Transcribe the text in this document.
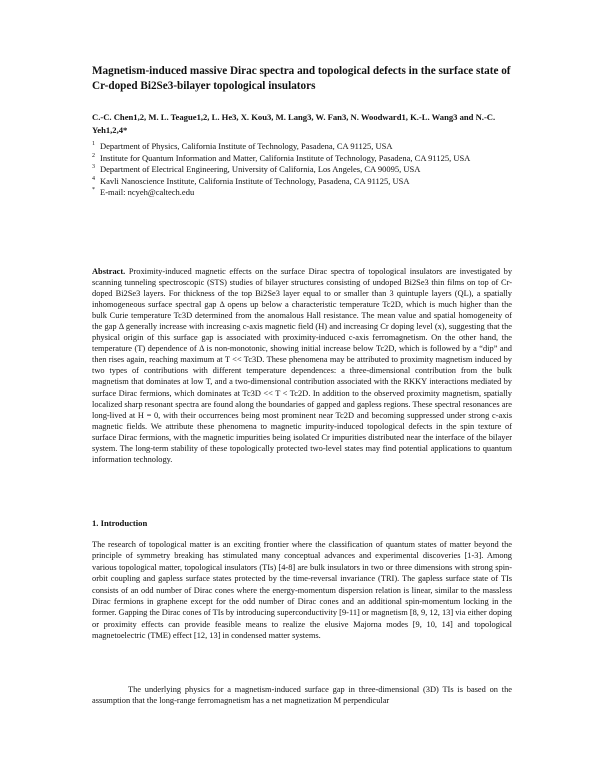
Magnetism-induced massive Dirac spectra and topological defects in the surface state of Cr-doped Bi2Se3-bilayer topological insulators
C.-C. Chen1,2, M. L. Teague1,2, L. He3, X. Kou3, M. Lang3, W. Fan3, N. Woodward1, K.-L. Wang3 and N.-C. Yeh1,2,4*
1 Department of Physics, California Institute of Technology, Pasadena, CA 91125, USA
2 Institute for Quantum Information and Matter, California Institute of Technology, Pasadena, CA 91125, USA
3 Department of Electrical Engineering, University of California, Los Angeles, CA 90095, USA
4 Kavli Nanoscience Institute, California Institute of Technology, Pasadena, CA 91125, USA
* E-mail: ncyeh@caltech.edu

Abstract. Proximity-induced magnetic effects on the surface Dirac spectra of topological insulators are investigated by scanning tunneling spectroscopic (STS) studies of bilayer structures consisting of undoped Bi2Se3 thin films on top of Cr-doped Bi2Se3 layers. For thickness of the top Bi2Se3 layer equal to or smaller than 3 quintuple layers (QL), a spatially inhomogeneous surface spectral gap Δ opens up below a characteristic temperature Tc2D, which is much higher than the bulk Curie temperature Tc3D determined from the anomalous Hall resistance. The mean value and spatial homogeneity of the gap Δ generally increase with increasing c-axis magnetic field (H) and increasing Cr doping level (x), suggesting that the physical origin of this surface gap is associated with proximity-induced c-axis ferromagnetism. On the other hand, the temperature (T) dependence of Δ is non-monotonic, showing initial increase below Tc2D, which is followed by a “dip” and then rises again, reaching maximum at T << Tc3D. These phenomena may be attributed to proximity magnetism induced by two types of contributions with different temperature dependences: a three-dimensional contribution from the bulk magnetism that dominates at low T, and a two-dimensional contribution associated with the RKKY interactions mediated by surface Dirac fermions, which dominates at Tc3D << T < Tc2D. In addition to the observed proximity magnetism, spatially localized sharp resonant spectra are found along the boundaries of gapped and gapless regions. These spectral resonances are long-lived at H = 0, with their occurrences being most prominent near Tc2D and becoming suppressed under strong c-axis magnetic fields. We attribute these phenomena to magnetic impurity-induced topological defects in the spin texture of surface Dirac fermions, with the magnetic impurities being isolated Cr impurities distributed near the interface of the bilayer system. The long-term stability of these topologically protected two-level states may find potential applications to quantum information technology.

1. Introduction

The research of topological matter is an exciting frontier where the classification of quantum states of matter beyond the principle of symmetry breaking has stimulated many conceptual advances and experimental discoveries [1-3]. Among various topological matter, topological insulators (TIs) [4-8] are bulk insulators in two or three dimensions with strong spin-orbit coupling and gapless surface states protected by the time-reversal invariance (TRI). The gapless surface state of TIs consists of an odd number of Dirac cones where the energy-momentum dispersion relation is linear, similar to the massless Dirac fermions in graphene except for the odd number of Dirac cones and an additional spin-momentum locking in the former. Gapping the Dirac cones of TIs by introducing superconductivity [9-11] or magnetism [8, 9, 12, 13] via either doping or proximity effects can provide feasible means to realize the elusive Majorna modes [9, 10, 14] and topological magnetoelectric (TME) effect [12, 13] in condensed matter systems.

The underlying physics for a magnetism-induced surface gap in three-dimensional (3D) TIs is based on the assumption that the long-range ferromagnetism has a net magnetization M perpendicular
